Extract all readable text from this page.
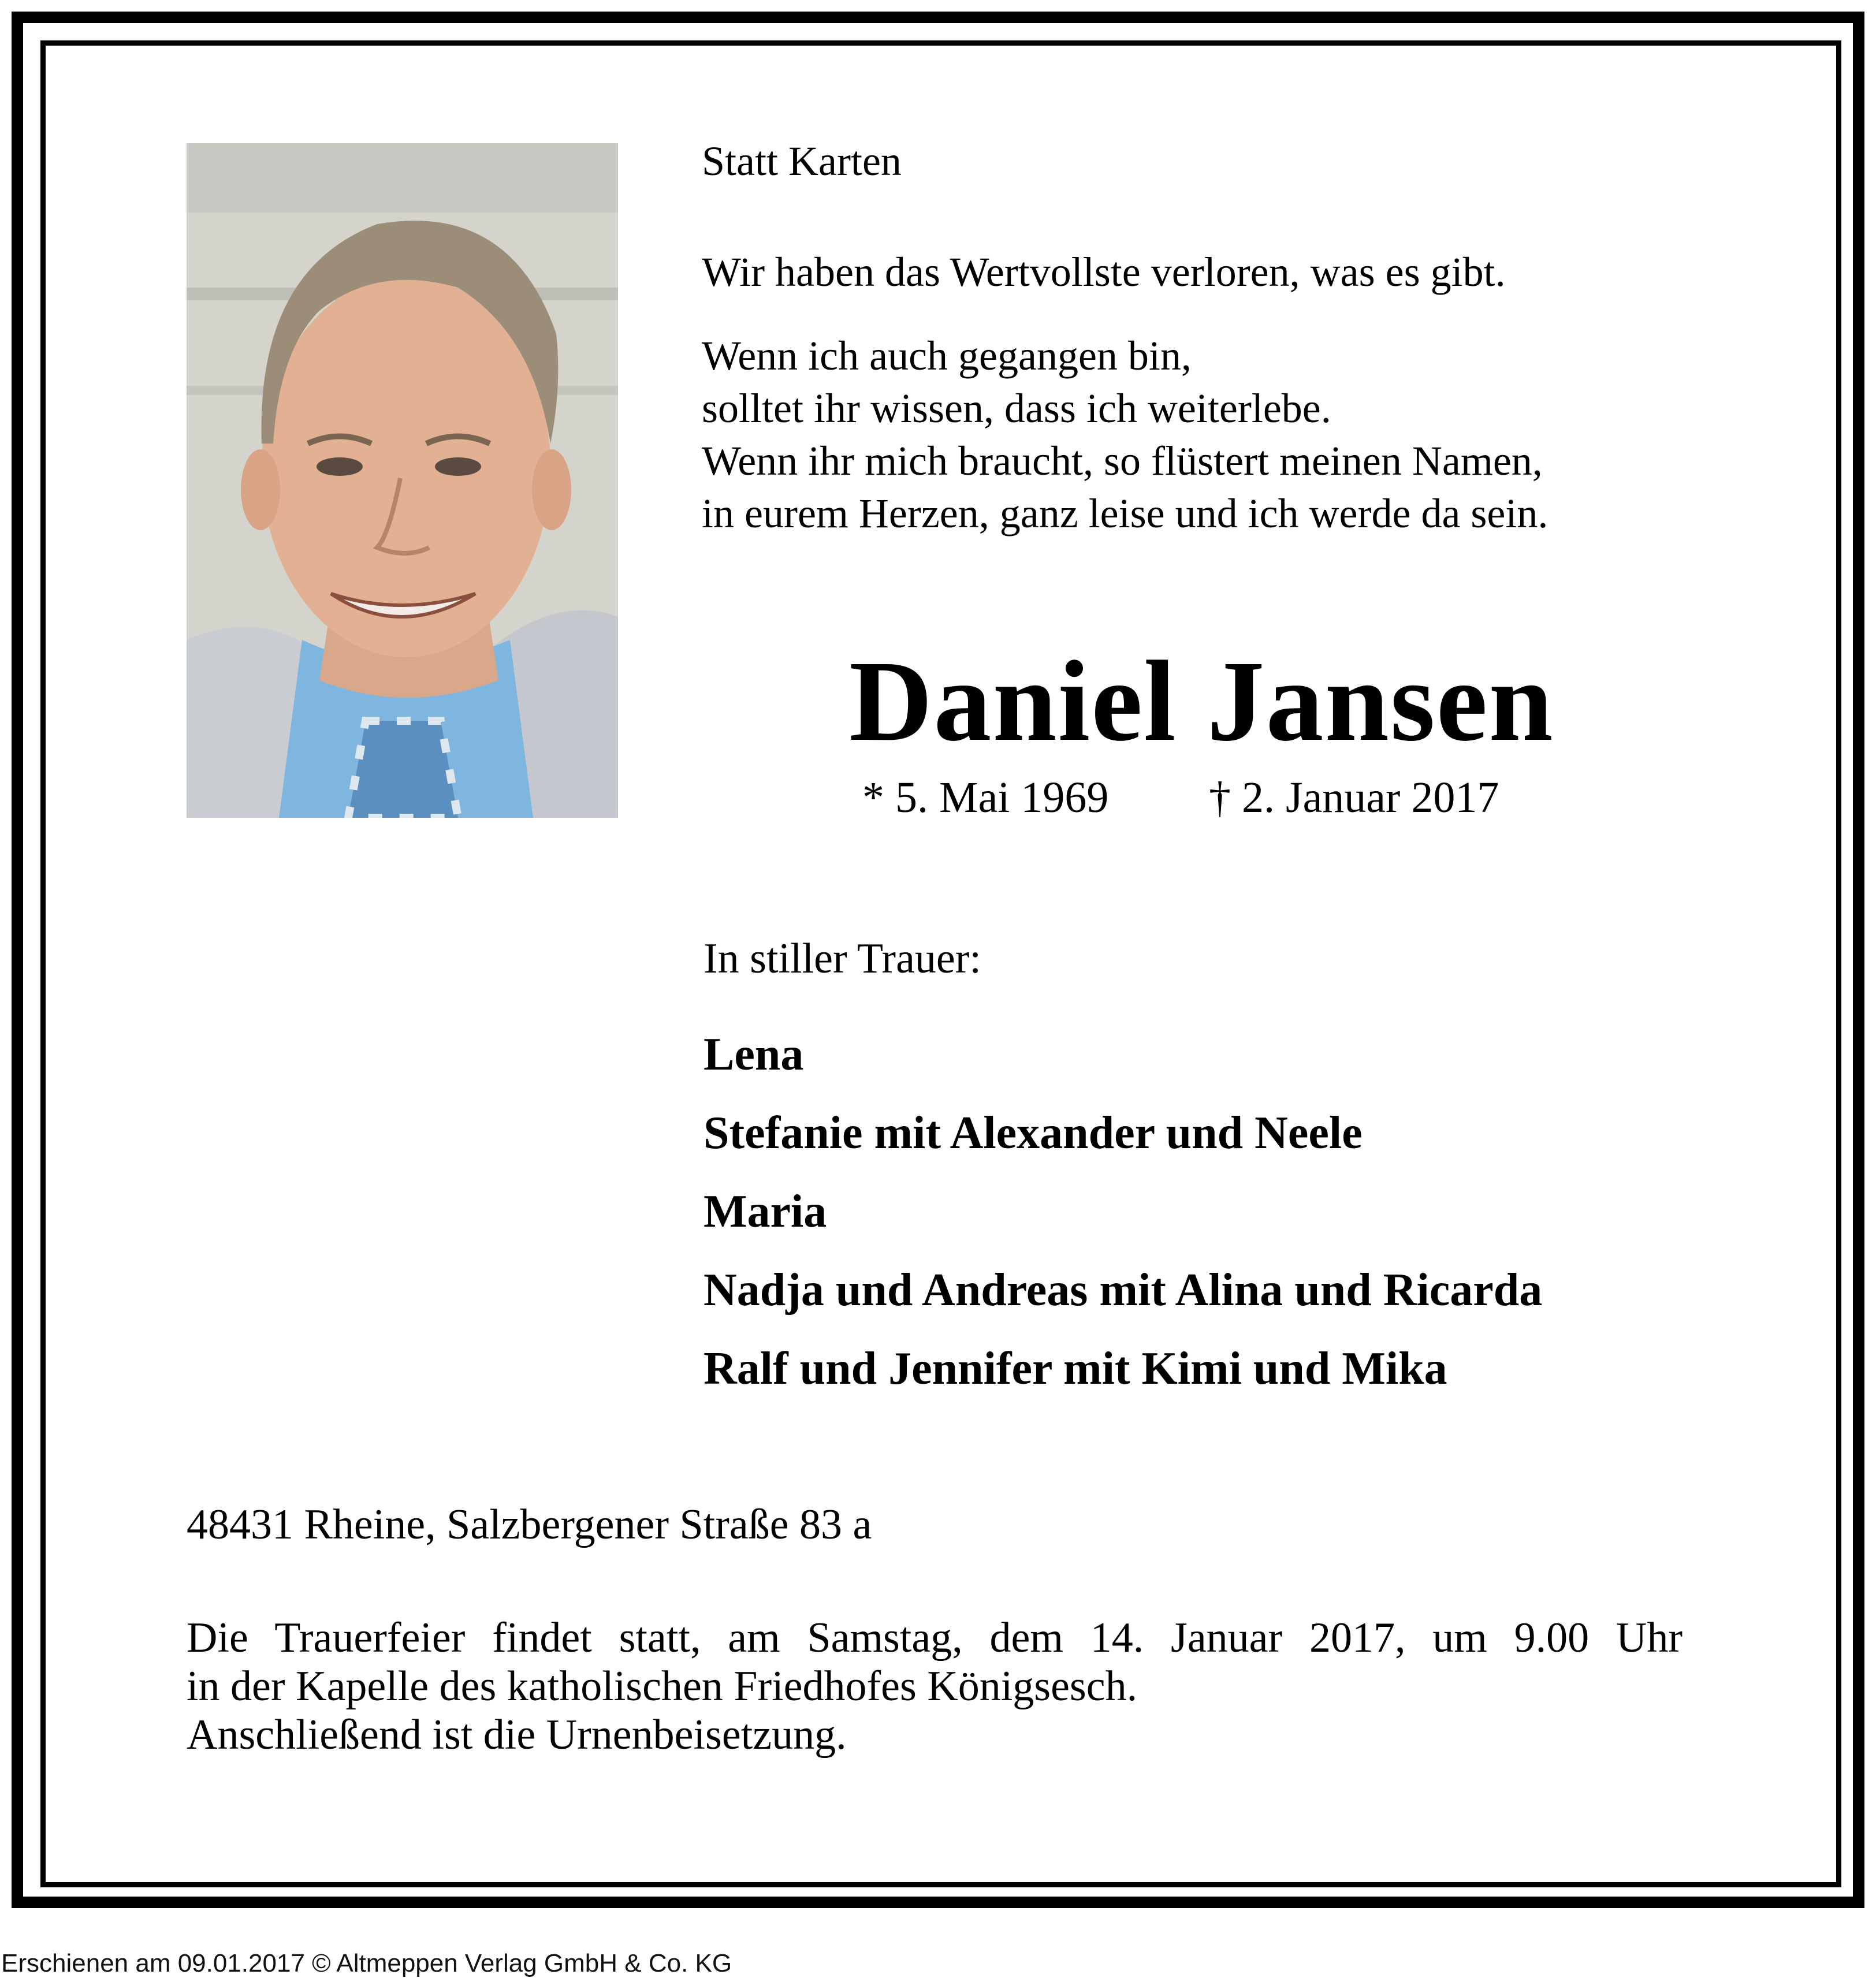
Statt Karten
Wir haben das Wertvollste verloren, was es gibt.
Wenn ich auch gegangen bin,
solltet ihr wissen, dass ich weiterlebe.
Wenn ihr mich braucht, so flüstert meinen Namen,
in eurem Herzen, ganz leise und ich werde da sein.
Daniel Jansen
* 5. Mai 1969 † 2. Januar 2017
In stiller Trauer:
Lena
Stefanie mit Alexander und Neele
Maria
Nadja und Andreas mit Alina und Ricarda
Ralf und Jennifer mit Kimi und Mika
48431 Rheine, Salzbergener Straße 83 a
Die Trauerfeier findet statt, am Samstag, dem 14. Januar 2017, um 9.00 Uhr
in der Kapelle des katholischen Friedhofes Königsesch.
Anschließend ist die Urnenbeisetzung.
Erschienen am 09.01.2017 © Altmeppen Verlag GmbH & Co. KG
